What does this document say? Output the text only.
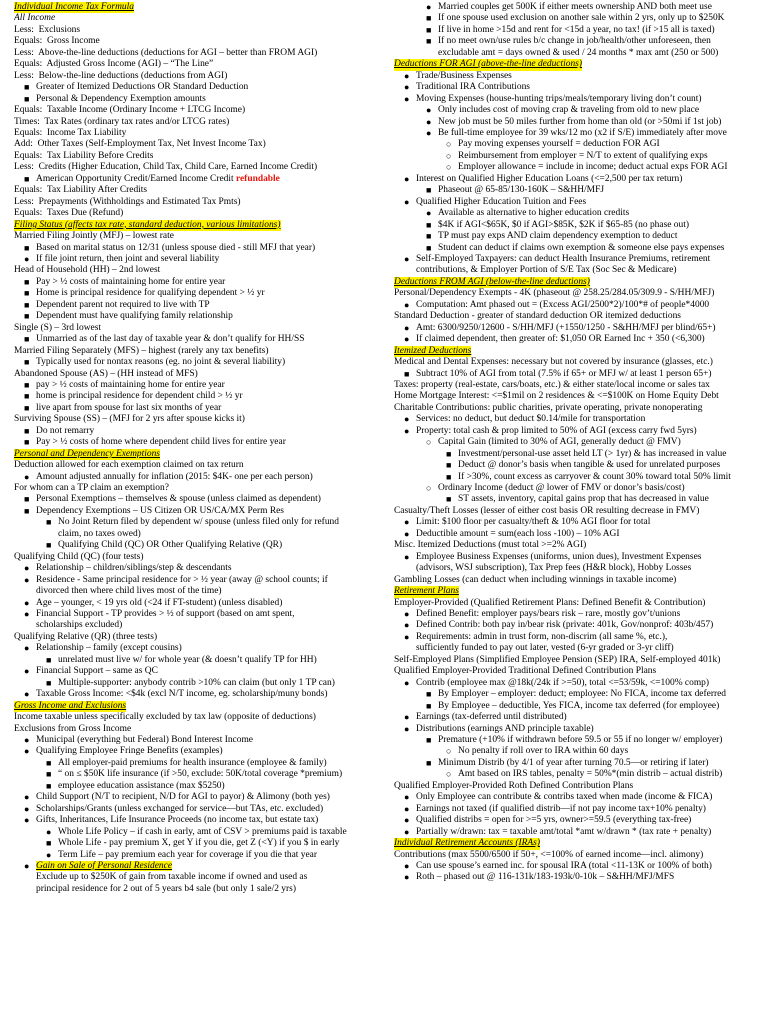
Individual Income Tax Formula
All Income
Less:  Exclusions
Equals:  Gross Income
Less:  Above-the-line deductions (deductions for AGI – better than FROM AGI)
Equals:  Adjusted Gross Income (AGI) – “The Line”
Less:  Below-the-line deductions (deductions from AGI)
■ Greater of Itemized Deductions OR Standard Deduction
■ Personal & Dependency Exemption amounts
Equals:  Taxable Income (Ordinary Income + LTCG Income)
Times:  Tax Rates (ordinary tax rates and/or LTCG rates)
Equals:  Income Tax Liability
Add:  Other Taxes (Self-Employment Tax, Net Invest Income Tax)
Equals:  Tax Liability Before Credits
Less:  Credits (Higher Education, Child Tax, Child Care, Earned Income Credit)
■ American Opportunity Credit/Earned Income Credit refundable
Equals:  Tax Liability After Credits
Less:  Prepayments (Withholdings and Estimated Tax Pmts)
Equals:  Taxes Due (Refund)
Filing Status (affects tax rate, standard deduction, various limitations)
Married Filing Jointly (MFJ) – lowest rate
■ Based on marital status on 12/31 (unless spouse died - still MFJ that year)
● If file joint return, then joint and several liability
Head of Household (HH) – 2nd lowest
■ Pay > ½ costs of maintaining home for entire year
■ Home is principal residence for qualifying dependent > ½ yr
■ Dependent parent not required to live with TP
■ Dependent must have qualifying family relationship
Single (S) – 3rd lowest
■ Unmarried as of the last day of taxable year & don’t qualify for HH/SS
Married Filing Separately (MFS) – highest (rarely any tax benefits)
■ Typically used for nontax reasons (eg. no joint & several liability)
Abandoned Spouse (AS) – (HH instead of MFS)
■ pay > ½ costs of maintaining home for entire year
■ home is principal residence for dependent child > ½ yr
■ live apart from spouse for last six months of year
Surviving Spouse (SS) – (MFJ for 2 yrs after spouse kicks it)
■ Do not remarry
■ Pay > ½ costs of home where dependent child lives for entire year
Personal and Dependency Exemptions
Deduction allowed for each exemption claimed on tax return
● Amount adjusted annually for inflation (2015: $4K- one per each person)
For whom can a TP claim an exemption?
■ Personal Exemptions – themselves & spouse (unless claimed as dependent)
■ Dependency Exemptions – US Citizen OR US/CA/MX Perm Res
■ No Joint Return filed by dependent w/ spouse (unless filed only for refund
claim, no taxes owed)
■ Qualifying Child (QC) OR Other Qualifying Relative (QR)
Qualifying Child (QC) (four tests)
● Relationship – children/siblings/step & descendants
● Residence - Same principal residence for > ½ year (away @ school counts; if
divorced then where child lives most of the time)
● Age – younger, < 19 yrs old (<24 if FT-student) (unless disabled)
● Financial Support - TP provides > ½ of support (based on amt spent,
scholarships excluded)
Qualifying Relative (QR) (three tests)
● Relationship – family (except cousins)
■ unrelated must live w/ for whole year (& doesn’t qualify TP for HH)
● Financial Support – same as QC
■ Multiple-supporter: anybody contrib >10% can claim (but only 1 TP can)
● Taxable Gross Income: <$4k (excl N/T income, eg. scholarship/muny bonds)
Gross Income and Exclusions
Income taxable unless specifically excluded by tax law (opposite of deductions)
Exclusions from Gross Income
● Municipal (everything but Federal) Bond Interest Income
● Qualifying Employee Fringe Benefits (examples)
■ All employer-paid premiums for health insurance (employee & family)
■ “ on ≤ $50K life insurance (if >50, exclude: 50K/total coverage *premium)
■ employee education assistance (max $5250)
● Child Support (N/T to recipient, N/D for AGI to payor) & Alimony (both yes)
● Scholarships/Grants (unless exchanged for service—but TAs, etc. excluded)
● Gifts, Inheritances, Life Insurance Proceeds (no income tax, but estate tax)
● Whole Life Policy – if cash in early, amt of CSV > premiums paid is taxable
■ Whole Life - pay premium X, get Y if you die, get Z (<Y) if you $ in early
● Term Life – pay premium each year for coverage if you die that year
● Gain on Sale of Personal Residence
Exclude up to $250K of gain from taxable income if owned and used as
principal residence for 2 out of 5 years b4 sale (but only 1 sale/2 yrs)
● Married couples get 500K if either meets ownership AND both meet use
■ If one spouse used exclusion on another sale within 2 yrs, only up to $250K
■ If live in home >15d and rent for <15d a year, no tax! (if >15 all is taxed)
■ If no meet own/use rules b/c change in job/health/other unforeseen, then
excludable amt = days owned & used / 24 months * max amt (250 or 500)
Deductions FOR AGI (above-the-line deductions)
● Trade/Business Expenses
● Traditional IRA Contributions
● Moving Expenses (house-hunting trips/meals/temporary living don’t count)
● Only includes cost of moving crap & traveling from old to new place
● New job must be 50 miles further from home than old (or >50mi if 1st job)
● Be full-time employee for 39 wks/12 mo (x2 if S/E) immediately after move
○ Pay moving expenses yourself = deduction FOR AGI
○ Reimbursement from employer = N/T to extent of qualifying exps
○ Employer allowance = include in income; deduct actual exps FOR AGI
● Interest on Qualified Higher Education Loans (<=2,500 per tax return)
■ Phaseout @ 65-85/130-160K – S&HH/MFJ
● Qualified Higher Education Tuition and Fees
● Available as alternative to higher education credits
■ $4K if AGI<$65K, $0 if AGI>$85K, $2K if $65-85 (no phase out)
■ TP must pay exps AND claim dependency exemption to deduct
■ Student can deduct if claims own exemption & someone else pays expenses
● Self-Employed Taxpayers: can deduct Health Insurance Premiums, retirement
contributions, & Employer Portion of S/E Tax (Soc Sec & Medicare)
Deductions FROM AGI (below-the-line deductions)
Personal/Dependency Exempts - 4K (phaseout @ 258.25/284.05/309.9 - S/HH/MFJ)
● Computation: Amt phased out = (Excess AGI/2500*2)/100*# of people*4000
Standard Deduction - greater of standard deduction OR itemized deductions
● Amt: 6300/9250/12600 - S/HH/MFJ (+1550/1250 - S&HH/MFJ per blind/65+)
● If claimed dependent, then greater of: $1,050 OR Earned Inc + 350 (<6,300)
Itemized Deductions
Medical and Dental Expenses: necessary but not covered by insurance (glasses, etc.)
■ Subtract 10% of AGI from total (7.5% if 65+ or MFJ w/ at least 1 person 65+)
Taxes: property (real-estate, cars/boats, etc.) & either state/local income or sales tax
Home Mortgage Interest: <=$1mil on 2 residences & <=$100K on Home Equity Debt
Charitable Contributions: public charities, private operating, private nonoperating
● Services: no deduct, but deduct $0.14/mile for transportation
● Property: total cash & prop limited to 50% of AGI (excess carry fwd 5yrs)
○ Capital Gain (limited to 30% of AGI, generally deduct @ FMV)
■ Investment/personal-use asset held LT (> 1yr) & has increased in value
■ Deduct @ donor’s basis when tangible & used for unrelated purposes
■ If >30%, count excess as carryover & count 30% toward total 50% limit
○ Ordinary Income (deduct @ lower of FMV or donor’s basis/cost)
■ ST assets, inventory, capital gains prop that has decreased in value
Casualty/Theft Losses (lesser of either cost basis OR resulting decrease in FMV)
● Limit: $100 floor per casualty/theft & 10% AGI floor for total
● Deductible amount = sum(each loss -100) – 10% AGI
Misc. Itemized Deductions (must total >=2% AGI)
● Employee Business Expenses (uniforms, union dues), Investment Expenses
(advisors, WSJ subscription), Tax Prep fees (H&R block), Hobby Losses
Gambling Losses (can deduct when including winnings in taxable income)
Retirement Plans
Employer-Provided (Qualified Retirement Plans: Defined Benefit & Contribution)
● Defined Benefit: employer pays/bears risk – rare, mostly gov’t/unions
● Defined Contrib: both pay in/bear risk (private: 401k, Gov/nonprof: 403b/457)
● Requirements: admin in trust form, non-discrim (all same %, etc.),
sufficiently funded to pay out later, vested (6-yr graded or 3-yr cliff)
Self-Employed Plans (Simplified Employee Pension (SEP) IRA, Self-employed 401k)
Qualified Employer-Provided Traditional Defined Contribution Plans
● Contrib (employee max @18k(/24k if >=50), total <=53/59k, <=100% comp)
■ By Employer – employer: deduct; employee: No FICA, income tax deferred
■ By Employee – deductible, Yes FICA, income tax deferred (for employee)
● Earnings (tax-deferred until distributed)
● Distributions (earnings AND principle taxable)
■ Premature (+10% if withdrawn before 59.5 or 55 if no longer w/ employer)
○ No penalty if roll over to IRA within 60 days
■ Minimum Distrib (by 4/1 of year after turning 70.5—or retiring if later)
○ Amt based on IRS tables, penalty = 50%*(min distrib – actual distrib)
Qualified Employer-Provided Roth Defined Contribution Plans
● Only Employee can contribute & contribs taxed when made (income & FICA)
● Earnings not taxed (if qualified distrib—if not pay income tax+10% penalty)
● Qualified distribs = open for >=5 yrs, owner>=59.5 (everything tax-free)
● Partially w/drawn: tax = taxable amt/total *amt w/drawn * (tax rate + penalty)
Individual Retirement Accounts (IRAs)
Contributions (max 5500/6500 if 50+, <=100% of earned income—incl. alimony)
● Can use spouse’s earned inc. for spousal IRA (total <11-13K or 100% of both)
● Roth – phased out @ 116-131k/183-193k/0-10k – S&HH/MFJ/MFS
